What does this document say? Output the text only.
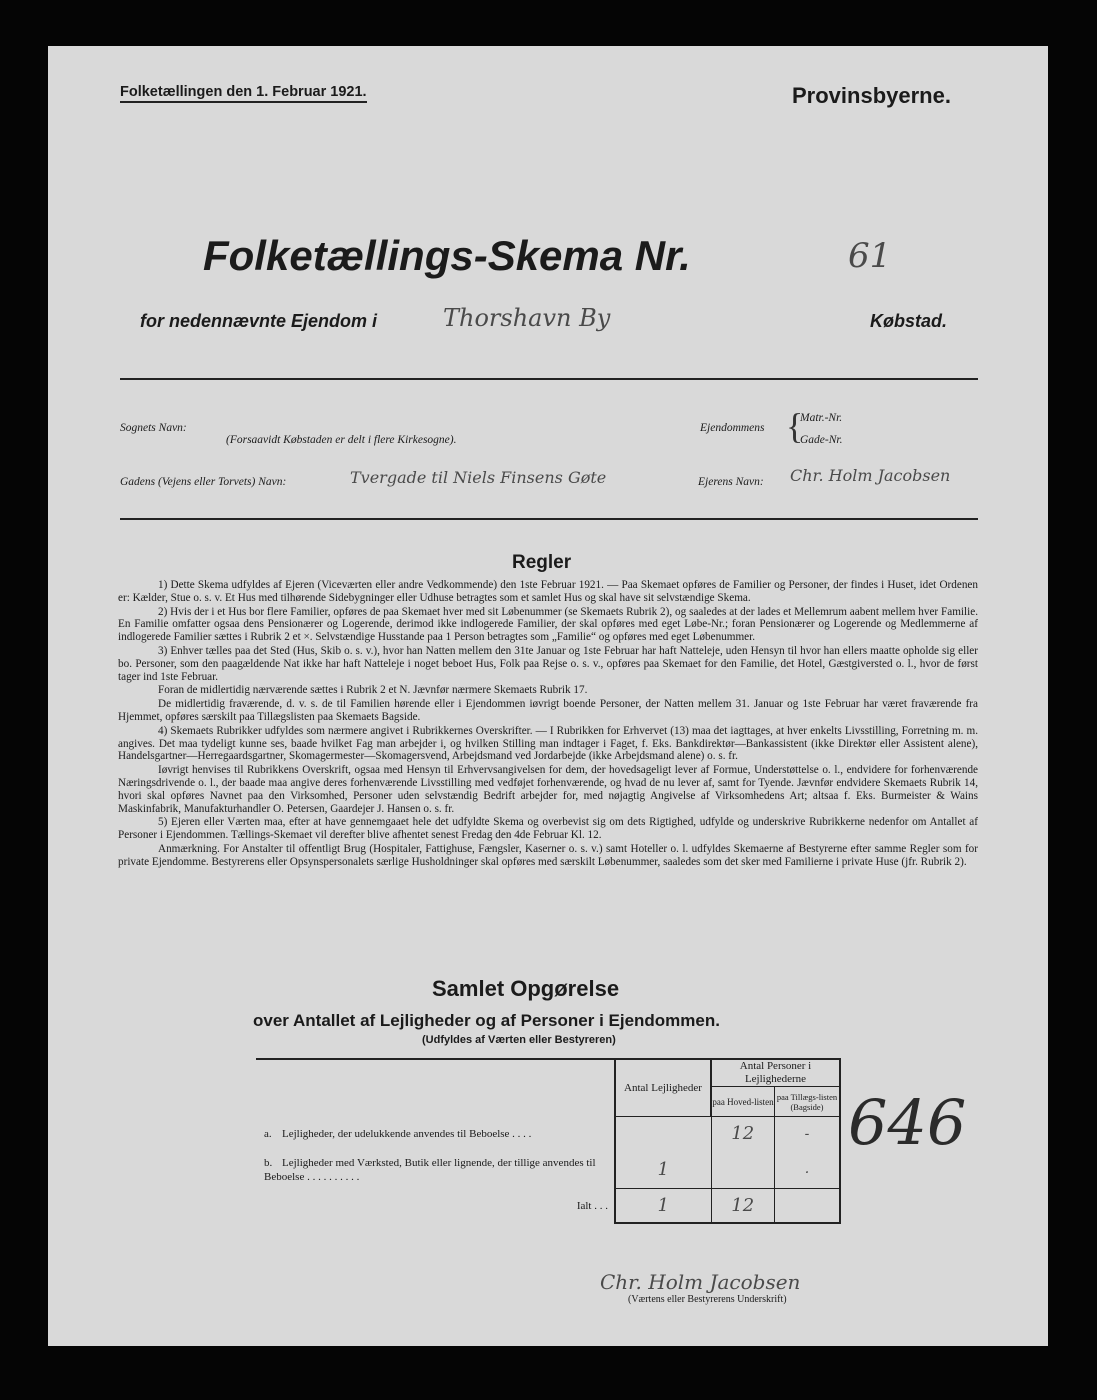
Folketællingen den 1. Februar 1921.	Provinsbyerne.
Folketællings-Skema Nr.	61
for nedennævnte Ejendom i	Thorshavn By	Købstad.
Sognets Navn:
(Forsaavidt Købstaden er delt i flere Kirkesogne).
Ejendommens {
Matr.-Nr.
Gade-Nr.
Gadens (Vejens eller Torvets) Navn:	Tvergade til Niels Finsens Gøte	Ejerens Navn: Chr. Holm Jacobsen
Regler

1) Dette Skema udfyldes af Ejeren (Viceværten eller andre Vedkommende) den 1ste Februar 1921. — Paa Skemaet opføres de Familier og Personer, der findes i Huset, idet Ordenen er: Kælder, Stue o. s. v. Et Hus med tilhørende Sidebygninger eller Udhuse betragtes som et samlet Hus og skal have sit selvstændige Skema.

2) Hvis der i et Hus bor flere Familier, opføres de paa Skemaet hver med sit Løbenummer (se Skemaets Rubrik 2), og saaledes at der lades et Mellemrum aabent mellem hver Familie. En Familie omfatter ogsaa dens Pensionærer og Logerende, derimod ikke indlogerede Familier, der skal opføres med eget Løbe-Nr.; foran Pensionærer og Logerende og Medlemmerne af indlogerede Familier sættes i Rubrik 2 et ×. Selvstændige Husstande paa 1 Person betragtes som „Familie“ og opføres med eget Løbenummer.

3) Enhver tælles paa det Sted (Hus, Skib o. s. v.), hvor han Natten mellem den 31te Januar og 1ste Februar har haft Natteleje, uden Hensyn til hvor han ellers maatte opholde sig eller bo. Personer, som den paagældende Nat ikke har haft Natteleje i noget beboet Hus, Folk paa Rejse o. s. v., opføres paa Skemaet for den Familie, det Hotel, Gæstgiversted o. l., hvor de først tager ind 1ste Februar.

Foran de midlertidig nærværende sættes i Rubrik 2 et N. Jævnfør nærmere Skemaets Rubrik 17.

De midlertidig fraværende, d. v. s. de til Familien hørende eller i Ejendommen iøvrigt boende Personer, der Natten mellem 31. Januar og 1ste Februar har været fraværende fra Hjemmet, opføres særskilt paa Tillægslisten paa Skemaets Bagside.

4) Skemaets Rubrikker udfyldes som nærmere angivet i Rubrikkernes Overskrifter. — I Rubrikken for Erhvervet (13) maa det iagttages, at hver enkelts Livsstilling, Forretning m. m. angives. Det maa tydeligt kunne ses, baade hvilket Fag man arbejder i, og hvilken Stilling man indtager i Faget, f. Eks. Bankdirektør—Bankassistent (ikke Direktør eller Assistent alene), Handelsgartner—Herregaardsgartner, Skomagermester—Skomagersvend, Arbejdsmand ved Jordarbejde (ikke Arbejdsmand alene) o. s. fr.

Iøvrigt henvises til Rubrikkens Overskrift, ogsaa med Hensyn til Erhvervsangivelsen for dem, der hovedsageligt lever af Formue, Understøttelse o. l., endvidere for forhenværende Næringsdrivende o. l., der baade maa angive deres forhenværende Livsstilling med vedføjet forhenværende, og hvad de nu lever af, samt for Tyende. Jævnfør endvidere Skemaets Rubrik 14, hvori skal opføres Navnet paa den Virksomhed, Personer uden selvstændig Bedrift arbejder for, med nøjagtig Angivelse af Virksomhedens Art; altsaa f. Eks. Burmeister & Wains Maskinfabrik, Manufakturhandler O. Petersen, Gaardejer J. Hansen o. s. fr.

5) Ejeren eller Værten maa, efter at have gennemgaaet hele det udfyldte Skema og overbevist sig om dets Rigtighed, udfylde og underskrive Rubrikkerne nedenfor om Antallet af Personer i Ejendommen. Tællings-Skemaet vil derefter blive afhentet senest Fredag den 4de Februar Kl. 12.

Anmærkning. For Anstalter til offentligt Brug (Hospitaler, Fattighuse, Fængsler, Kaserner o. s. v.) samt Hoteller o. l. udfyldes Skemaerne af Bestyrerne efter samme Regler som for private Ejendomme. Bestyrerens eller Opsynspersonalets særlige Husholdninger skal opføres med særskilt Løbenummer, saaledes som det sker med Familierne i private Huse (jfr. Rubrik 2).

Samlet Opgørelse
over Antallet af Lejligheder og af Personer i Ejendommen.
(Udfyldes af Værten eller Bestyreren)
	Antal Lejligheder	Antal Personer i Lejlighederne	
		paa Hoved-listen	paa Tillægs-listen (Bagside)
a. Lejligheder, der udelukkende anvendes til Beboelse . . . .		12	-
b. Lejligheder med Værksted, Butik eller lignende, der tillige anvendes til Beboelse . . . . . . . . . .	1		.
Ialt . . .	1	12	
646
Chr. Holm Jacobsen
(Værtens eller Bestyrerens Underskrift)
